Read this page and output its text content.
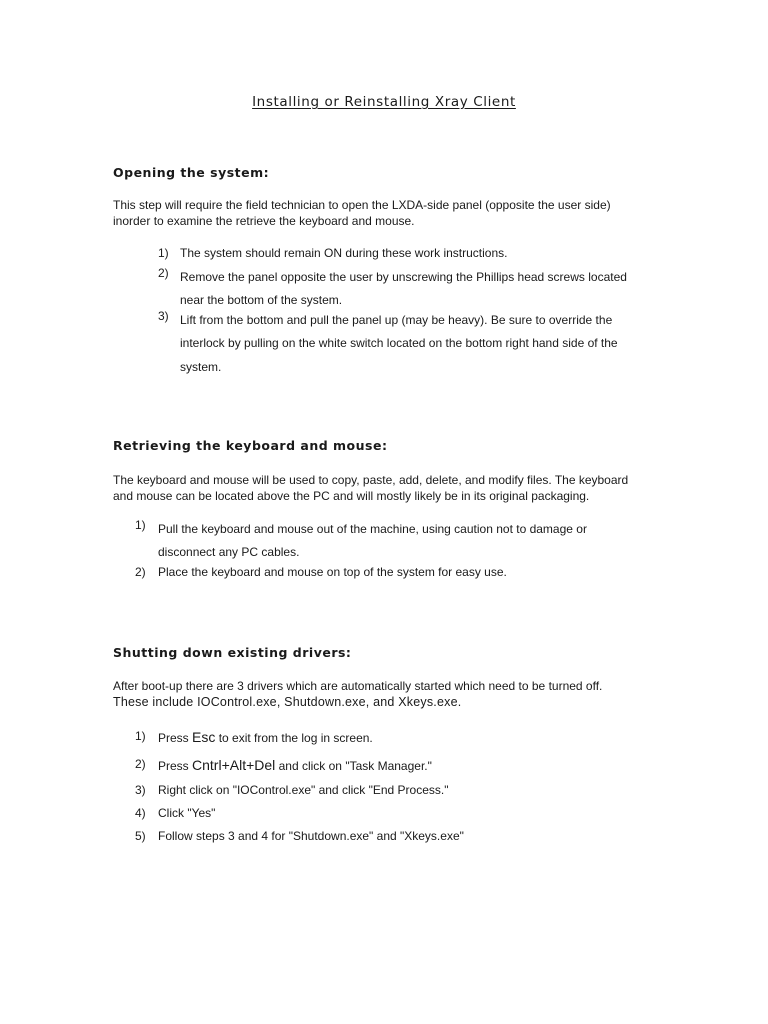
Installing or Reinstalling Xray Client
Opening the system:

This step will require the field technician to open the LXDA-side panel (opposite the user side)
inorder to examine the retrieve the keyboard and mouse.

1) The system should remain ON during these work instructions.
2) Remove the panel opposite the user by unscrewing the Phillips head screws located
near the bottom of the system.
3) Lift from the bottom and pull the panel up (may be heavy). Be sure to override the
interlock by pulling on the white switch located on the bottom right hand side of the
system.
Retrieving the keyboard and mouse:

The keyboard and mouse will be used to copy, paste, add, delete, and modify files. The keyboard
and mouse can be located above the PC and will mostly likely be in its original packaging.

1) Pull the keyboard and mouse out of the machine, using caution not to damage or
disconnect any PC cables.
2) Place the keyboard and mouse on top of the system for easy use.
Shutting down existing drivers:

After boot-up there are 3 drivers which are automatically started which need to be turned off.
These include IOControl.exe, Shutdown.exe, and Xkeys.exe.

1) Press Esc to exit from the log in screen.
2) Press Cntrl+Alt+Del and click on "Task Manager."
3) Right click on "IOControl.exe" and click "End Process."
4) Click "Yes"
5) Follow steps 3 and 4 for "Shutdown.exe" and "Xkeys.exe"
